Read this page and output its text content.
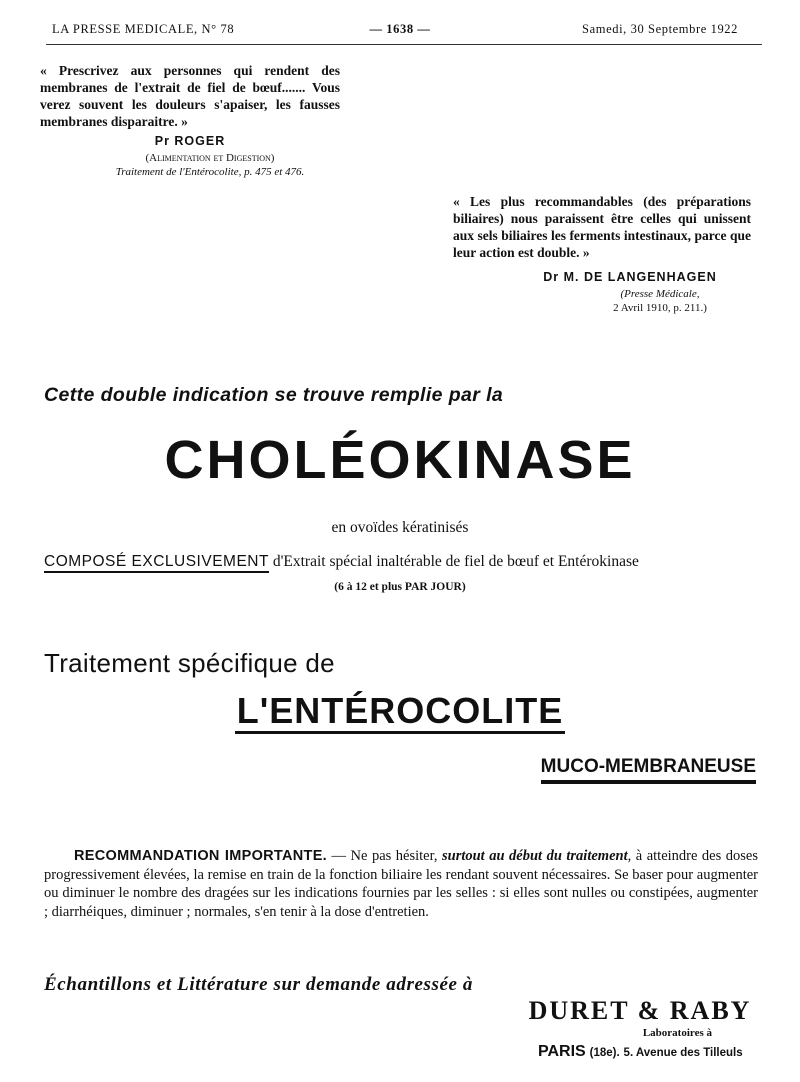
LA PRESSE MEDICALE, N° 78	— 1638 —	Samedi, 30 Septembre 1922
« Prescrivez aux personnes qui rendent des membranes de l'extrait de fiel de bœuf....... Vous verez souvent les douleurs s'apaiser, les fausses membranes disparaitre. »
Pr ROGER
(Alimentation et Digestion)
Traitement de l'Entérocolite, p. 475 et 476.
« Les plus recommandables (des préparations biliaires) nous paraissent être celles qui unissent aux sels biliaires les ferments intestinaux, parce que leur action est double. »
Dr M. DE LANGENHAGEN
(Presse Médicale,
2 Avril 1910, p. 211.)
Cette double indication se trouve remplie par la
CHOLÉOKINASE
en ovoïdes kératinisés
COMPOSÉ EXCLUSIVEMENT d'Extrait spécial inaltérable de fiel de bœuf et Entérokinase
(6 à 12 et plus PAR JOUR)
Traitement spécifique de
L'ENTÉROCOLITE
MUCO-MEMBRANEUSE
RECOMMANDATION IMPORTANTE. — Ne pas hésiter, surtout au début du traitement, à atteindre des doses progressivement élevées, la remise en train de la fonction biliaire les rendant souvent nécessaires. Se baser pour augmenter ou diminuer le nombre des dragées sur les indications fournies par les selles : si elles sont nulles ou constipées, augmenter ; diarrhéiques, diminuer ; normales, s'en tenir à la dose d'entretien.
Échantillons et Littérature sur demande adressée à
DURET & RABY
Laboratoires à
PARIS (18e). 5. Avenue des Tilleuls
